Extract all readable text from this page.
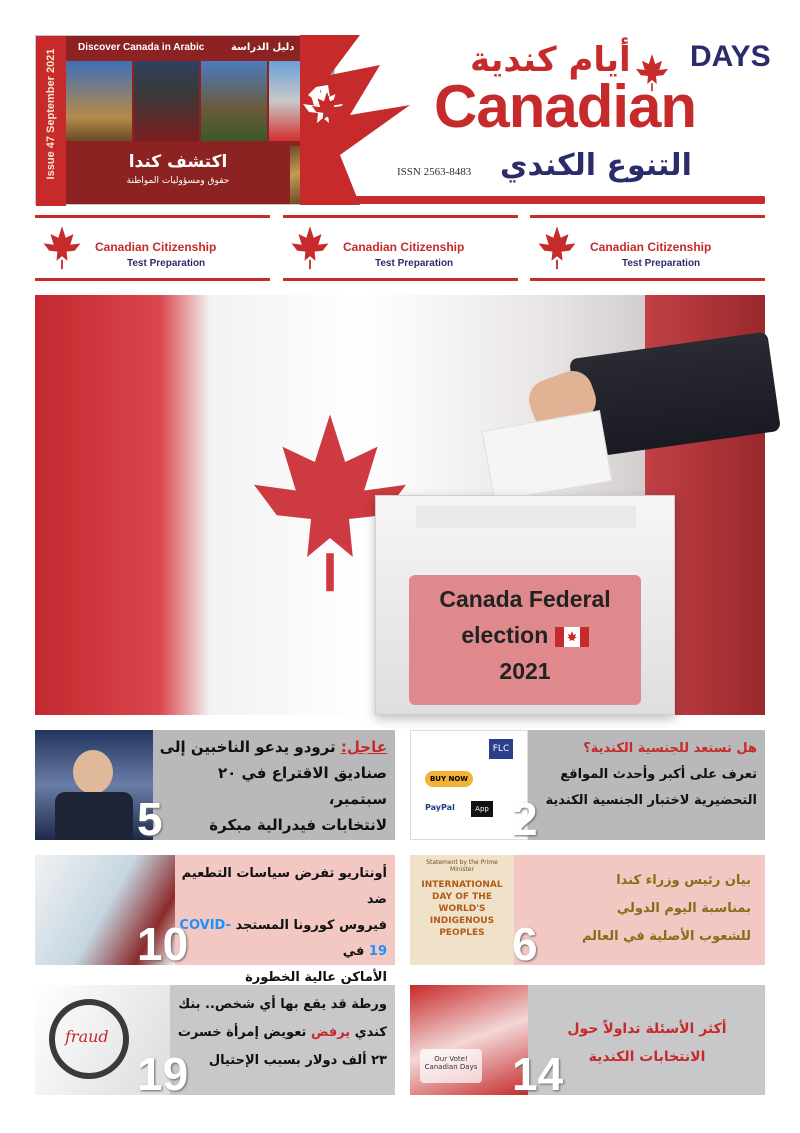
Issue 47 September 2021
Discover Canada in Arabic	دليل الدراسة
اكتشف كندا
حقوق ومسؤوليات المواطنة
DAYS
أيام كندية
Canadian
التنوع الكندي
ISSN 2563-8483
Canadian Citizenship
Test Preparation
Canadian Citizenship
Test Preparation
Canadian Citizenship
Test Preparation
Canada Federal
election
2021
5
عاجل: ترودو يدعو الناخبين إلى
صناديق الاقتراع في ٢٠ سبتمبر،
لانتخابات فيدرالية مبكرة
FLC
BUY NOW
PayPal	App 2
هل تستعد للجنسية الكندية؟
تعرف على أكبر وأحدث المواقع
التحضيرية لاختبار الجنسية الكندية
10
أونتاريو تفرض سياسات التطعيم ضد
فيروس كورونا المستجد COVID-19 في
الأماكن عالية الخطورة
Statement by the Prime Minister
INTERNATIONAL DAY OF THE WORLD'S INDIGENOUS PEOPLES 6
بيان رئيس وزراء كندا
بمناسبة اليوم الدولي
للشعوب الأصلية في العالم
fraud
19
ورطة قد يقع بها أي شخص.. بنك
كندي يرفض تعويض إمرأة خسرت
٢٣ ألف دولار بسبب الإحتيال	Our Vote! Canadian Days 14
أكثر الأسئلة تداولاً حول
الانتخابات الكندية
